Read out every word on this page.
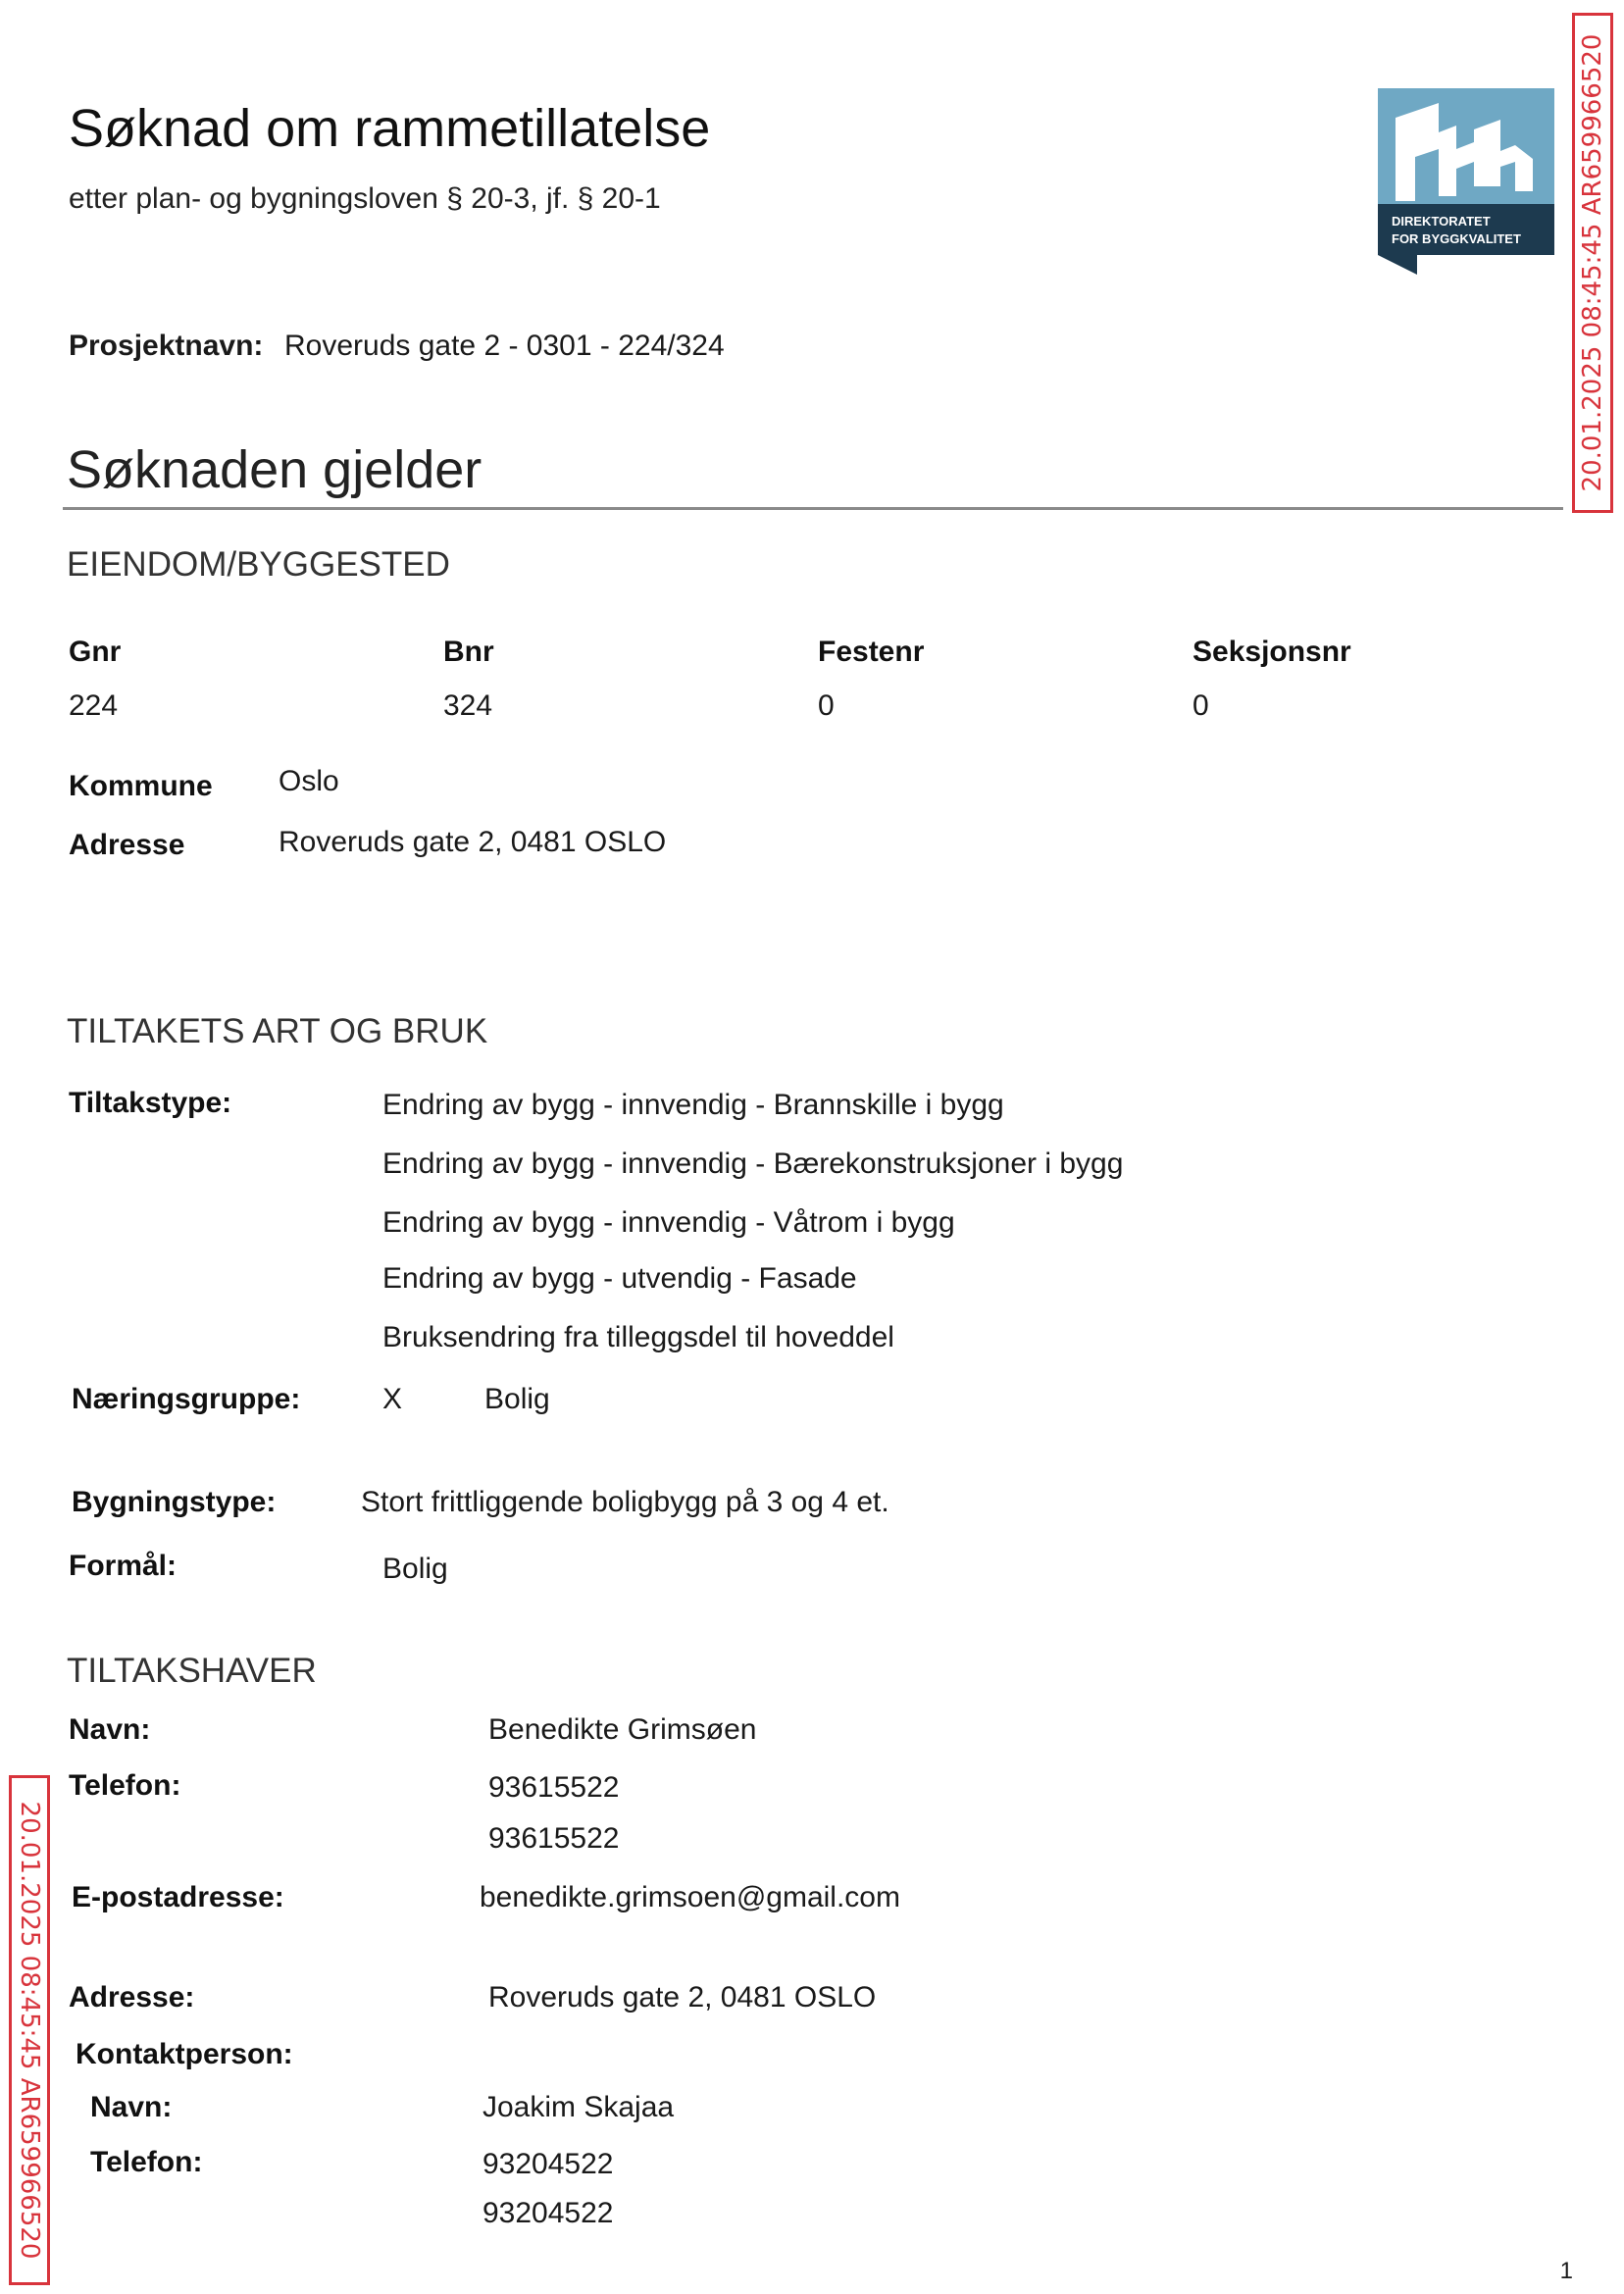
Søknad om rammetillatelse
etter plan- og bygningsloven § 20-3, jf. § 20-1
DIREKTORATET
FOR BYGGKVALITET 20.01.2025 08:45:45 AR659966520
20.01.2025 08:45:45 AR659966520
Prosjektnavn: Roveruds gate 2 - 0301 - 224/324
Søknaden gjelder
EIENDOM/BYGGESTED
Gnr	Bnr	Festenr	Seksjonsnr
224	324	0	0
Kommune Oslo
Adresse	Roveruds gate 2, 0481 OSLO
TILTAKETS ART OG BRUK
Tiltakstype:	Endring av bygg - innvendig - Brannskille i bygg
Endring av bygg - innvendig - Bærekonstruksjoner i bygg
Endring av bygg - innvendig - Våtrom i bygg
Endring av bygg - utvendig - Fasade
Bruksendring fra tilleggsdel til hoveddel
Næringsgruppe:	X	Bolig
Bygningstype:	Stort frittliggende boligbygg på 3 og 4 et.
Formål:	Bolig
TILTAKSHAVER
Navn:	Benedikte Grimsøen
Telefon:	93615522
93615522
E-postadresse:	benedikte.grimsoen@gmail.com
Adresse:	Roveruds gate 2, 0481 OSLO
Kontaktperson:
Navn:	Joakim Skajaa
Telefon:	93204522
93204522
1
